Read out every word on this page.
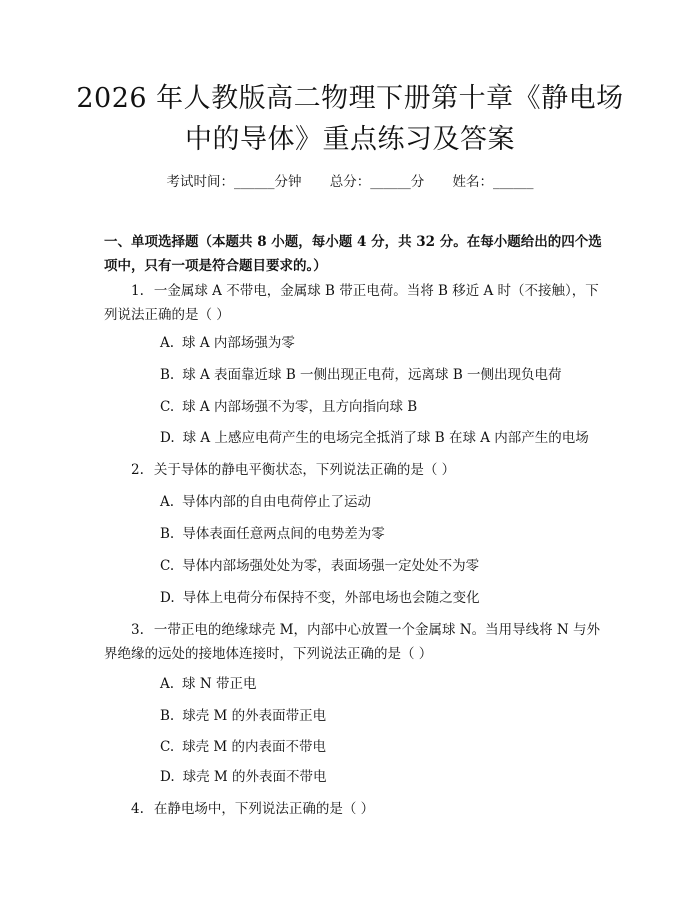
2026 年人教版高二物理下册第十章《静电场
中的导体》重点练习及答案
考试时间：______分钟 总分：______分 姓名：______
一、单项选择题（本题共 8 小题，每小题 4 分，共 32 分。在每小题给出的四个选项中，只有一项是符合题目要求的。）
1. 一金属球 A 不带电，金属球 B 带正电荷。当将 B 移近 A 时（不接触），下列说法正确的是（ ）
A. 球 A 内部场强为零
B. 球 A 表面靠近球 B 一侧出现正电荷，远离球 B 一侧出现负电荷
C. 球 A 内部场强不为零，且方向指向球 B
D. 球 A 上感应电荷产生的电场完全抵消了球 B 在球 A 内部产生的电场
2. 关于导体的静电平衡状态，下列说法正确的是（ ）
A. 导体内部的自由电荷停止了运动
B. 导体表面任意两点间的电势差为零
C. 导体内部场强处处为零，表面场强一定处处不为零
D. 导体上电荷分布保持不变，外部电场也会随之变化
3. 一带正电的绝缘球壳 M，内部中心放置一个金属球 N。当用导线将 N 与外界绝缘的远处的接地体连接时，下列说法正确的是（ ）
A. 球 N 带正电
B. 球壳 M 的外表面带正电
C. 球壳 M 的内表面不带电
D. 球壳 M 的外表面不带电
4. 在静电场中，下列说法正确的是（ ）
